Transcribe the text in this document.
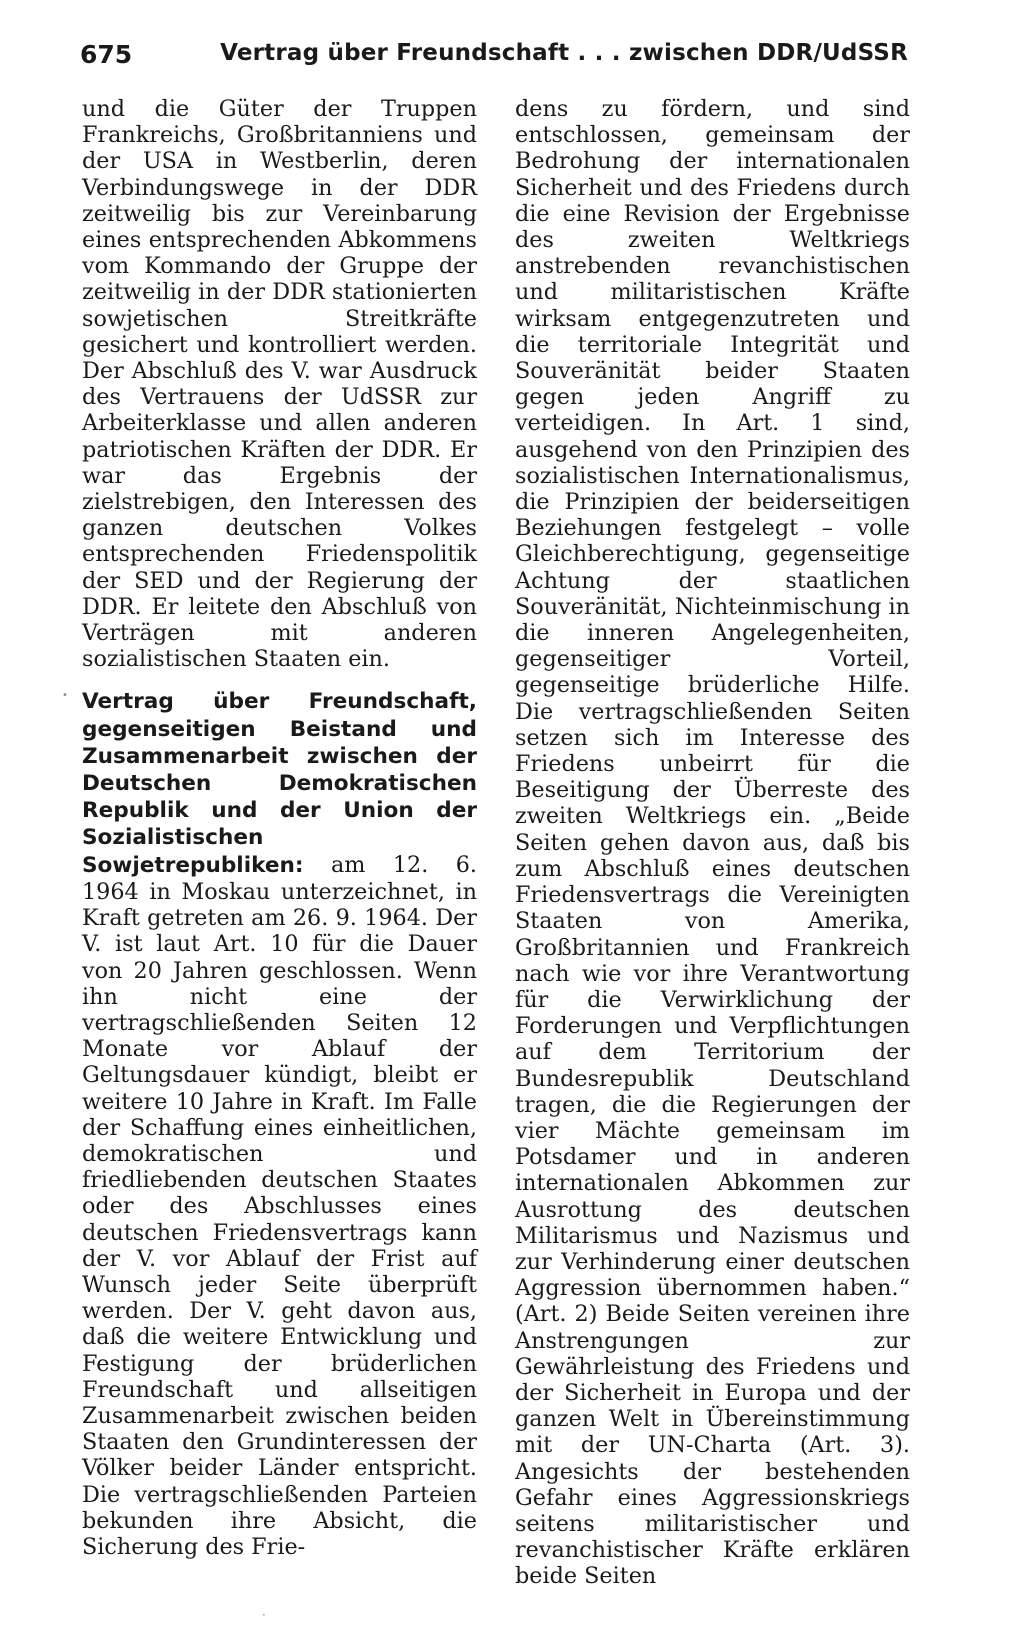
675	Vertrag über Freundschaft . . . zwischen DDR/UdSSR

und die Güter der Truppen Frankreichs, Großbritanniens und der USA in Westberlin, deren Verbindungswege in der DDR zeitweilig bis zur Vereinbarung eines entsprechenden Abkommens vom Kommando der Gruppe der zeitweilig in der DDR stationierten sowjetischen Streitkräfte gesichert und kontrolliert werden. Der Abschluß des V. war Ausdruck des Vertrauens der UdSSR zur Arbeiterklasse und allen anderen patriotischen Kräften der DDR. Er war das Ergebnis der zielstrebigen, den Interessen des ganzen deutschen Volkes entsprechenden Friedenspolitik der SED und der Regierung der DDR. Er leitete den Abschluß von Verträgen mit anderen sozialistischen Staaten ein.

Vertrag über Freundschaft, gegenseitigen Beistand und Zusammenarbeit zwischen der Deutschen Demokratischen Republik und der Union der Sozialistischen Sowjetrepubliken: am 12. 6. 1964 in Moskau unterzeichnet, in Kraft getreten am 26. 9. 1964. Der V. ist laut Art. 10 für die Dauer von 20 Jahren geschlossen. Wenn ihn nicht eine der vertragschließenden Seiten 12 Monate vor Ablauf der Geltungsdauer kündigt, bleibt er weitere 10 Jahre in Kraft. Im Falle der Schaffung eines einheitlichen, demokratischen und friedliebenden deutschen Staates oder des Abschlusses eines deutschen Friedensvertrags kann der V. vor Ablauf der Frist auf Wunsch jeder Seite überprüft werden. Der V. geht davon aus, daß die weitere Entwicklung und Festigung der brüderlichen Freundschaft und allseitigen Zusammenarbeit zwischen beiden Staaten den Grundinteressen der Völker beider Länder entspricht. Die vertragschließenden Parteien bekunden ihre Absicht, die Sicherung des Frie-

dens zu fördern, und sind entschlossen, gemeinsam der Bedrohung der internationalen Sicherheit und des Friedens durch die eine Revision der Ergebnisse des zweiten Weltkriegs anstrebenden revanchistischen und militaristischen Kräfte wirksam entgegenzutreten und die territoriale Integrität und Souveränität beider Staaten gegen jeden Angriff zu verteidigen. In Art. 1 sind, ausgehend von den Prinzipien des sozialistischen Internationalismus, die Prinzipien der beiderseitigen Beziehungen festgelegt – volle Gleichberechtigung, gegenseitige Achtung der staatlichen Souveränität, Nichteinmischung in die inneren Angelegenheiten, gegenseitiger Vorteil, gegenseitige brüderliche Hilfe. Die vertragschließenden Seiten setzen sich im Interesse des Friedens unbeirrt für die Beseitigung der Überreste des zweiten Weltkriegs ein. „Beide Seiten gehen davon aus, daß bis zum Abschluß eines deutschen Friedensvertrags die Vereinigten Staaten von Amerika, Großbritannien und Frankreich nach wie vor ihre Verantwortung für die Verwirklichung der Forderungen und Verpflichtungen auf dem Territorium der Bundesrepublik Deutschland tragen, die die Regierungen der vier Mächte gemeinsam im Potsdamer und in anderen internationalen Abkommen zur Ausrottung des deutschen Militarismus und Nazismus und zur Verhinderung einer deutschen Aggression übernommen haben.“ (Art. 2) Beide Seiten vereinen ihre Anstrengungen zur Gewährleistung des Friedens und der Sicherheit in Europa und der ganzen Welt in Übereinstimmung mit der UN-Charta (Art. 3). Angesichts der bestehenden Gefahr eines Aggressionskriegs seitens militaristischer und revanchistischer Kräfte erklären beide Seiten

•
⋅
